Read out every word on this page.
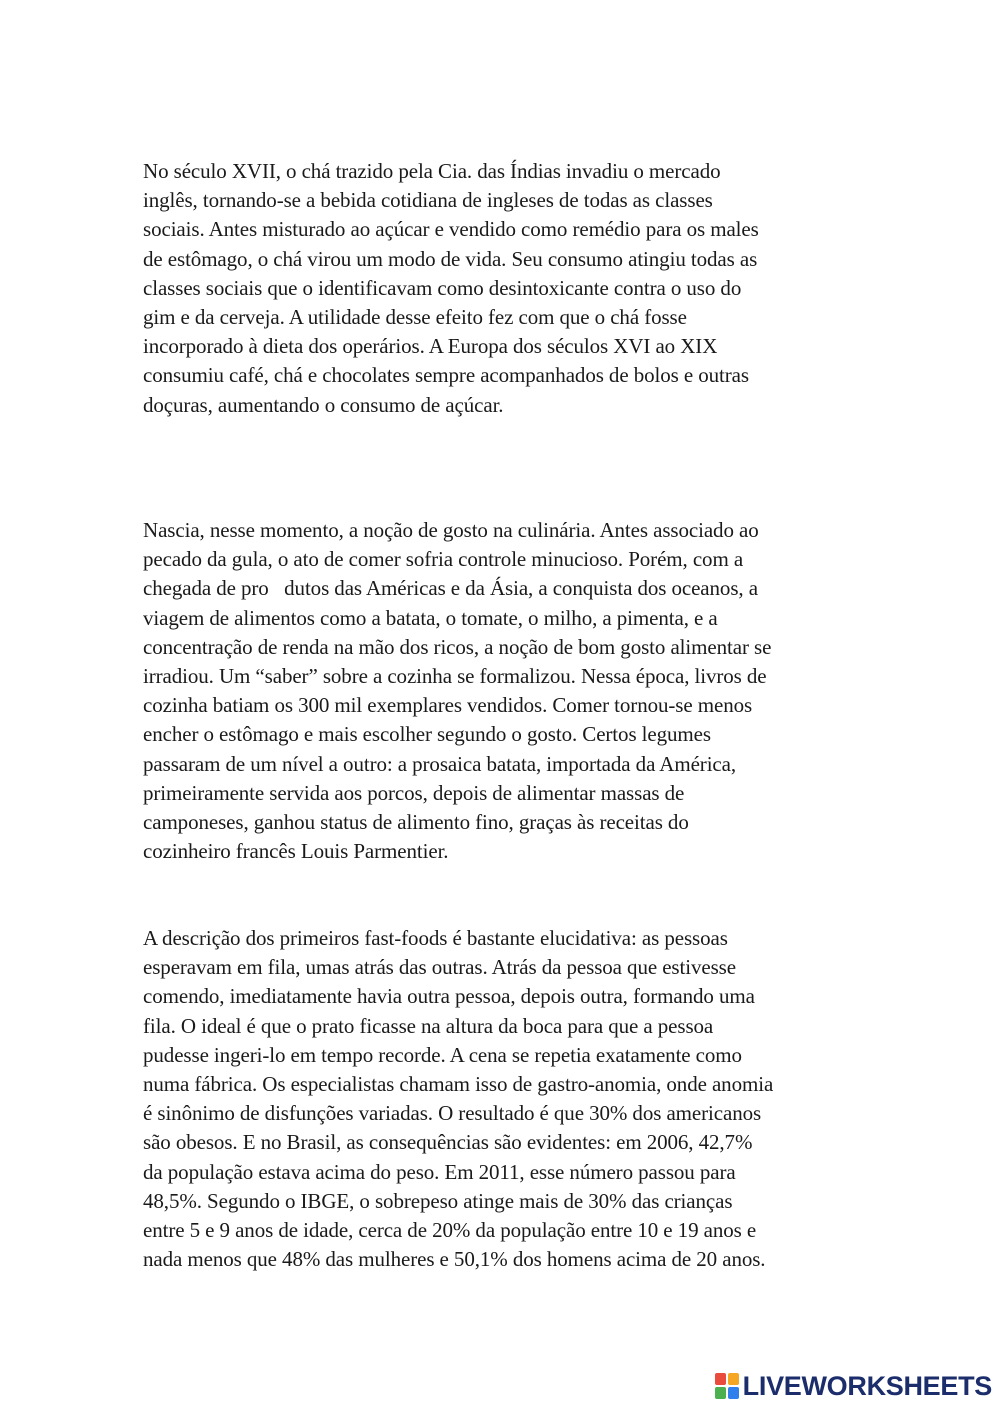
No século XVII, o chá trazido pela Cia. das Índias invadiu o mercado
inglês, tornando-se a bebida cotidiana de ingleses de todas as classes
sociais. Antes misturado ao açúcar e vendido como remédio para os males
de estômago, o chá virou um modo de vida. Seu consumo atingiu todas as
classes sociais que o identificavam como desintoxicante contra o uso do
gim e da cerveja. A utilidade desse efeito fez com que o chá fosse
incorporado à dieta dos operários. A Europa dos séculos XVI ao XIX
consumiu café, chá e chocolates sempre acompanhados de bolos e outras
doçuras, aumentando o consumo de açúcar.

Nascia, nesse momento, a noção de gosto na culinária. Antes associado ao
pecado da gula, o ato de comer sofria controle minucioso. Porém, com a
chegada de pro   dutos das Américas e da Ásia, a conquista dos oceanos, a
viagem de alimentos como a batata, o tomate, o milho, a pimenta, e a
concentração de renda na mão dos ricos, a noção de bom gosto alimentar se
irradiou. Um “saber” sobre a cozinha se formalizou. Nessa época, livros de
cozinha batiam os 300 mil exemplares vendidos. Comer tornou-se menos
encher o estômago e mais escolher segundo o gosto. Certos legumes
passaram de um nível a outro: a prosaica batata, importada da América,
primeiramente servida aos porcos, depois de alimentar massas de
camponeses, ganhou status de alimento fino, graças às receitas do
cozinheiro francês Louis Parmentier.

A descrição dos primeiros fast-foods é bastante elucidativa: as pessoas
esperavam em fila, umas atrás das outras. Atrás da pessoa que estivesse
comendo, imediatamente havia outra pessoa, depois outra, formando uma
fila. O ideal é que o prato ficasse na altura da boca para que a pessoa
pudesse ingeri-lo em tempo recorde. A cena se repetia exatamente como
numa fábrica. Os especialistas chamam isso de gastro-anomia, onde anomia
é sinônimo de disfunções variadas. O resultado é que 30% dos americanos
são obesos. E no Brasil, as consequências são evidentes: em 2006, 42,7%
da população estava acima do peso. Em 2011, esse número passou para
48,5%. Segundo o IBGE, o sobrepeso atinge mais de 30% das crianças
entre 5 e 9 anos de idade, cerca de 20% da população entre 10 e 19 anos e
nada menos que 48% das mulheres e 50,1% dos homens acima de 20 anos.

LIVEWORKSHEETS
